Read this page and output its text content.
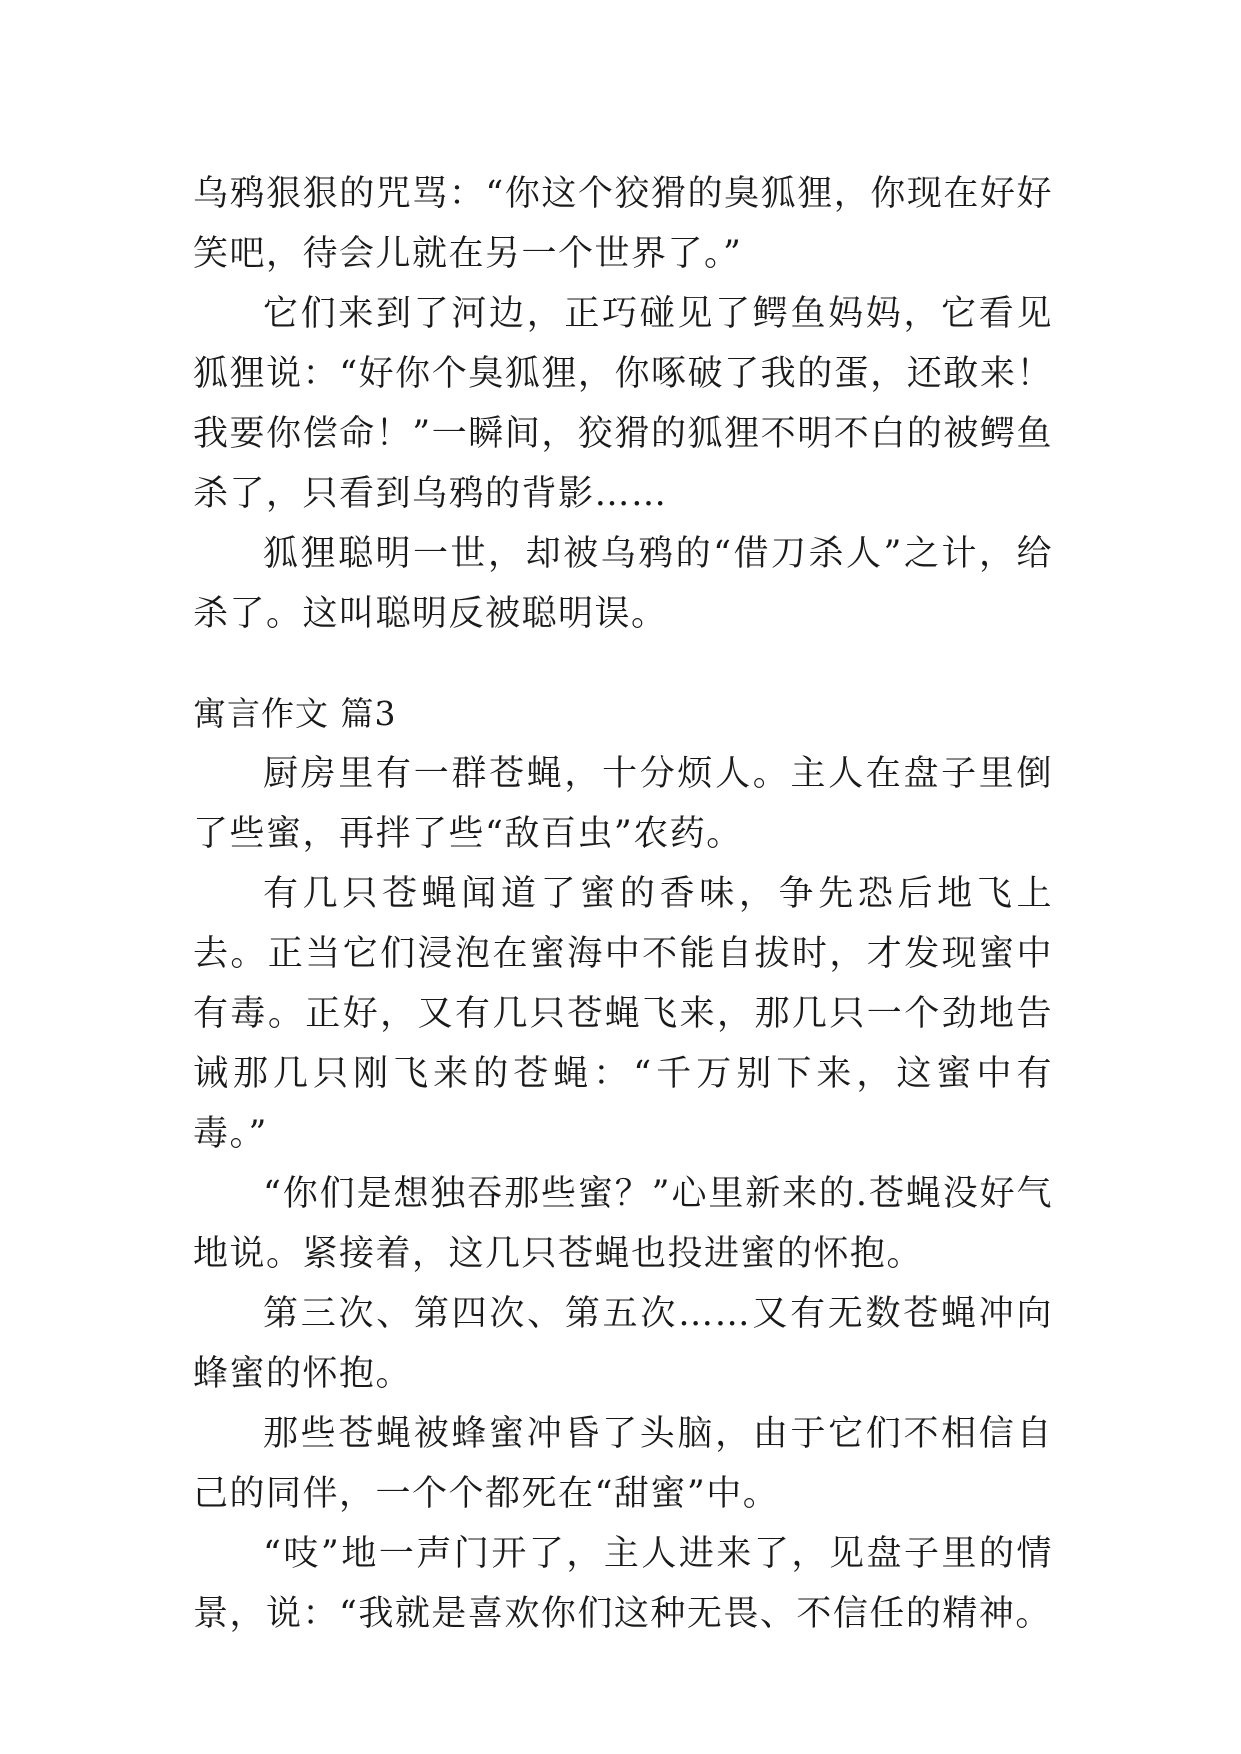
乌鸦狠狠的咒骂：“你这个狡猾的臭狐狸，你现在好好笑吧，待会儿就在另一个世界了。”

它们来到了河边，正巧碰见了鳄鱼妈妈，它看见狐狸说：“好你个臭狐狸，你啄破了我的蛋，还敢来！我要你偿命！”一瞬间，狡猾的狐狸不明不白的被鳄鱼杀了，只看到乌鸦的背影……

狐狸聪明一世，却被乌鸦的“借刀杀人”之计，给杀了。这叫聪明反被聪明误。

寓言作文 篇3

厨房里有一群苍蝇，十分烦人。主人在盘子里倒了些蜜，再拌了些“敌百虫”农药。

有几只苍蝇闻道了蜜的香味，争先恐后地飞上去。正当它们浸泡在蜜海中不能自拔时，才发现蜜中有毒。正好，又有几只苍蝇飞来，那几只一个劲地告诫那几只刚飞来的苍蝇：“千万别下来，这蜜中有毒。”

“你们是想独吞那些蜜？”心里新来的.苍蝇没好气地说。紧接着，这几只苍蝇也投进蜜的怀抱。

第三次、第四次、第五次……又有无数苍蝇冲向蜂蜜的怀抱。

那些苍蝇被蜂蜜冲昏了头脑，由于它们不相信自己的同伴，一个个都死在“甜蜜”中。

“吱”地一声门开了，主人进来了，见盘子里的情景，说：“我就是喜欢你们这种无畏、不信任的精神。
